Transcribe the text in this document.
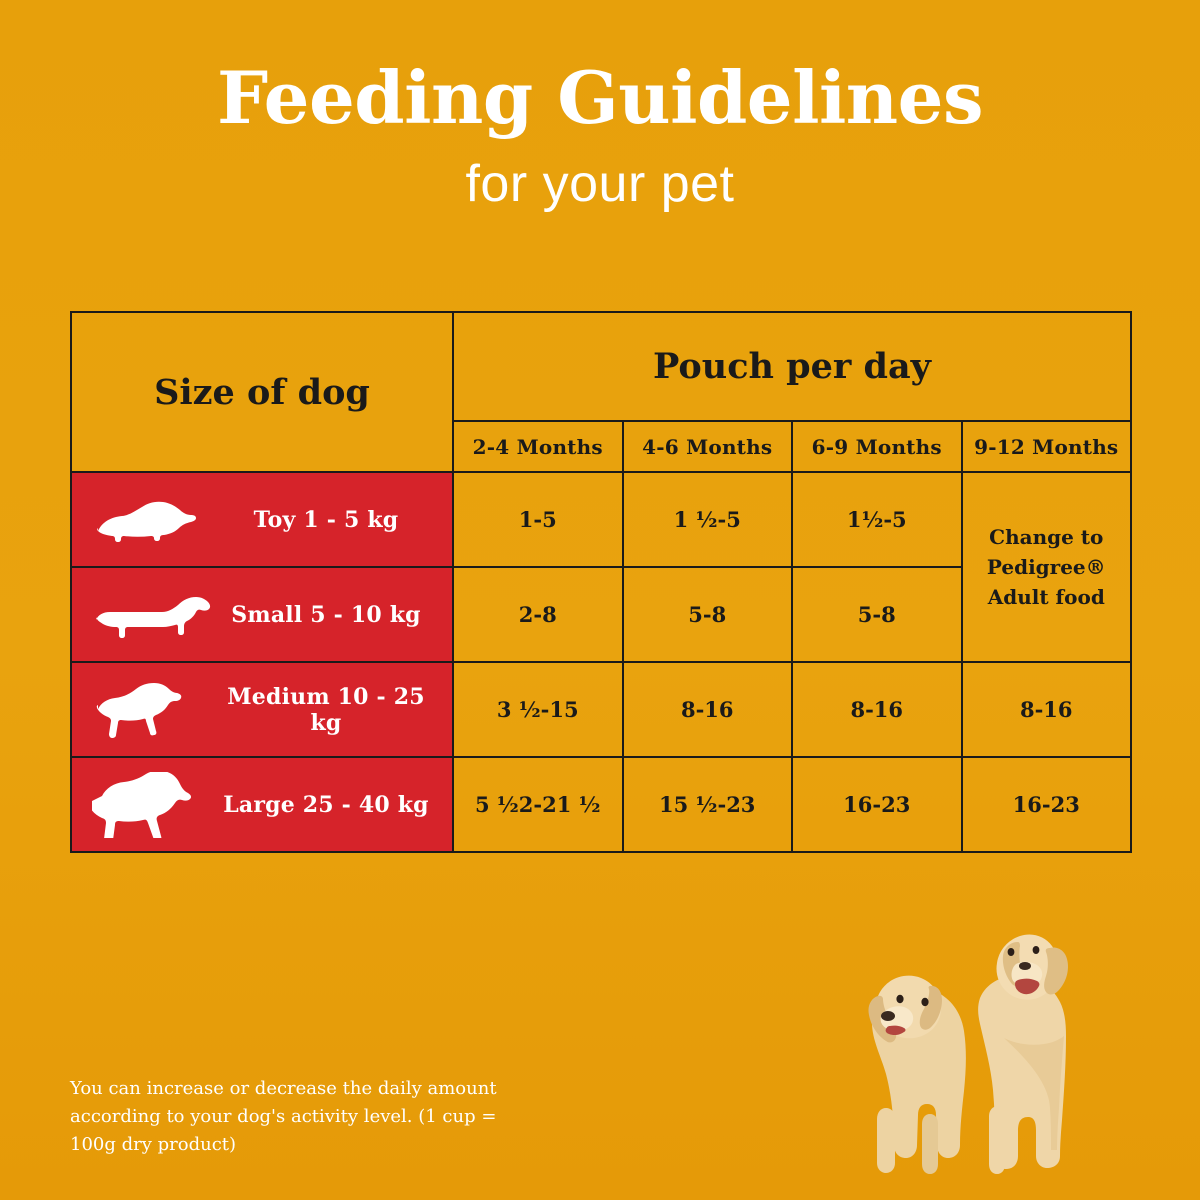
Feeding Guidelines
for your pet
Size of dog	Pouch per day			
	2-4 Months	4-6 Months	6-9 Months	9-12 Months

Toy 1 - 5 kg	1-5	1 ½-5	1½-5	Change to
Pedigree®
Adult food

Small 5 - 10 kg	2-8	5-8	5-8	

Medium 10 - 25 kg	3 ½-15	8-16	8-16	8-16

Large 25 - 40 kg	5 ½2-21 ½	15 ½-23	16-23	16-23
You can increase or decrease the daily amount according to your dog's activity level. (1 cup = 100g dry product)
